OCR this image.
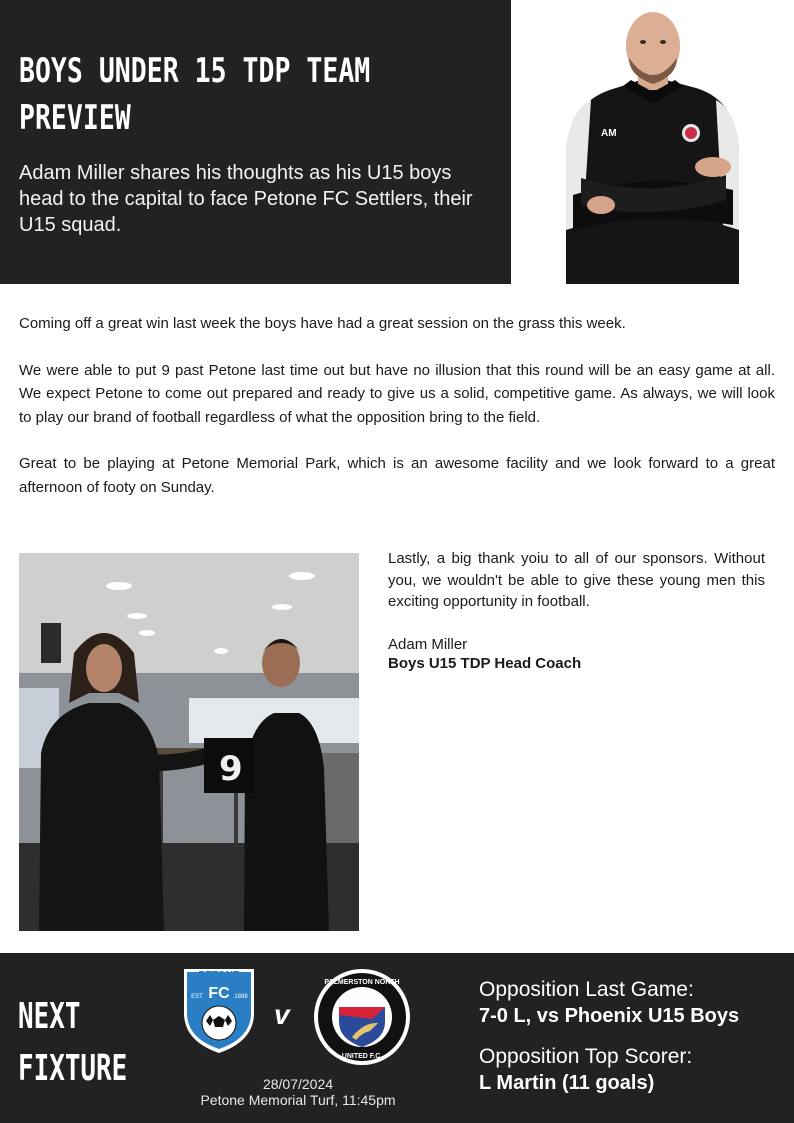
BOYS UNDER 15 TDP TEAM PREVIEW
Adam Miller shares his thoughts as his U15 boys head to the capital to face Petone FC Settlers, their U15 squad.
AM

Coming off a great win last week the boys have had a great session on the grass this week.

We were able to put 9 past Petone last time out but have no illusion that this round will be an easy game at all. We expect Petone to come out prepared and ready to give us a solid, competitive game. As always, we will look to play our brand of football regardless of what the opposition bring to the field.

Great to be playing at Petone Memorial Park, which is an awesome facility and we look forward to a great afternoon of footy on Sunday.

9
Lastly, a big thank yoiu to all of our sponsors. Without you, we wouldn't be able to give these young men this exciting opportunity in football.
Adam Miller
Boys U15 TDP Head Coach
NEXT FIXTURE
PETONE
FC
EST	1898
v
PALMERSTON NORTH
UNITED F.C.
28/07/2024
Petone Memorial Turf, 11:45pm
Opposition Last Game:
7-0 L, vs Phoenix U15 Boys
Opposition Top Scorer:
L Martin (11 goals)
